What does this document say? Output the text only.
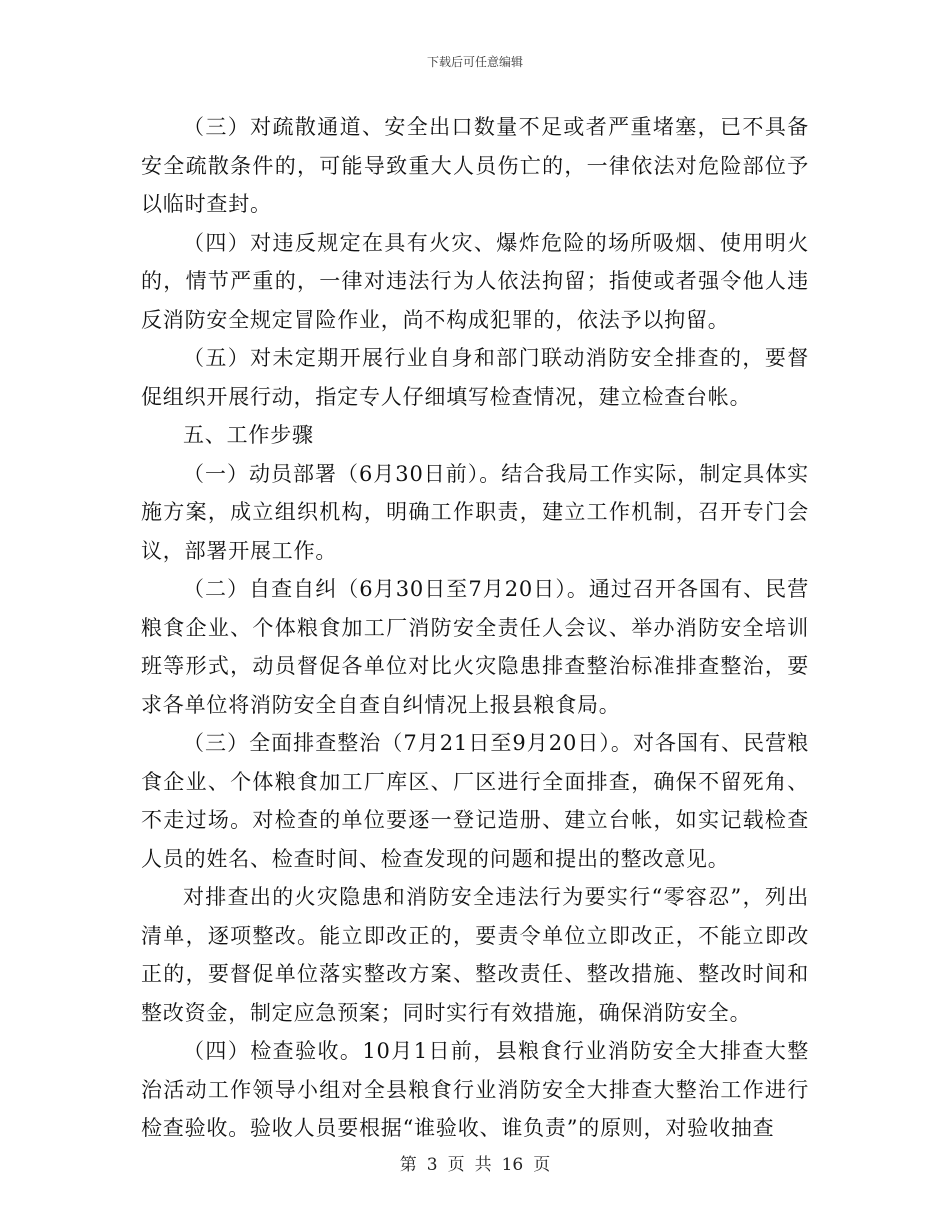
下载后可任意编辑

（三）对疏散通道、安全出口数量不足或者严重堵塞，已不具备安全疏散条件的，可能导致重大人员伤亡的，一律依法对危险部位予以临时查封。

（四）对违反规定在具有火灾、爆炸危险的场所吸烟、使用明火的，情节严重的，一律对违法行为人依法拘留；指使或者强令他人违反消防安全规定冒险作业，尚不构成犯罪的，依法予以拘留。

（五）对未定期开展行业自身和部门联动消防安全排查的，要督促组织开展行动，指定专人仔细填写检查情况，建立检查台帐。

五、工作步骤

（一）动员部署（6月30日前）。结合我局工作实际，制定具体实施方案，成立组织机构，明确工作职责，建立工作机制，召开专门会议，部署开展工作。

（二）自查自纠（6月30日至7月20日）。通过召开各国有、民营粮食企业、个体粮食加工厂消防安全责任人会议、举办消防安全培训班等形式，动员督促各单位对比火灾隐患排查整治标准排查整治，要求各单位将消防安全自查自纠情况上报县粮食局。

（三）全面排查整治（7月21日至9月20日）。对各国有、民营粮食企业、个体粮食加工厂库区、厂区进行全面排查，确保不留死角、不走过场。对检查的单位要逐一登记造册、建立台帐，如实记载检查人员的姓名、检查时间、检查发现的问题和提出的整改意见。

对排查出的火灾隐患和消防安全违法行为要实行“零容忍”，列出清单，逐项整改。能立即改正的，要责令单位立即改正，不能立即改正的，要督促单位落实整改方案、整改责任、整改措施、整改时间和整改资金，制定应急预案；同时实行有效措施，确保消防安全。

（四）检查验收。10月1日前，县粮食行业消防安全大排查大整治活动工作领导小组对全县粮食行业消防安全大排查大整治工作进行检查验收。验收人员要根据“谁验收、谁负责”的原则，对验收抽查

第 3 页 共 16 页
